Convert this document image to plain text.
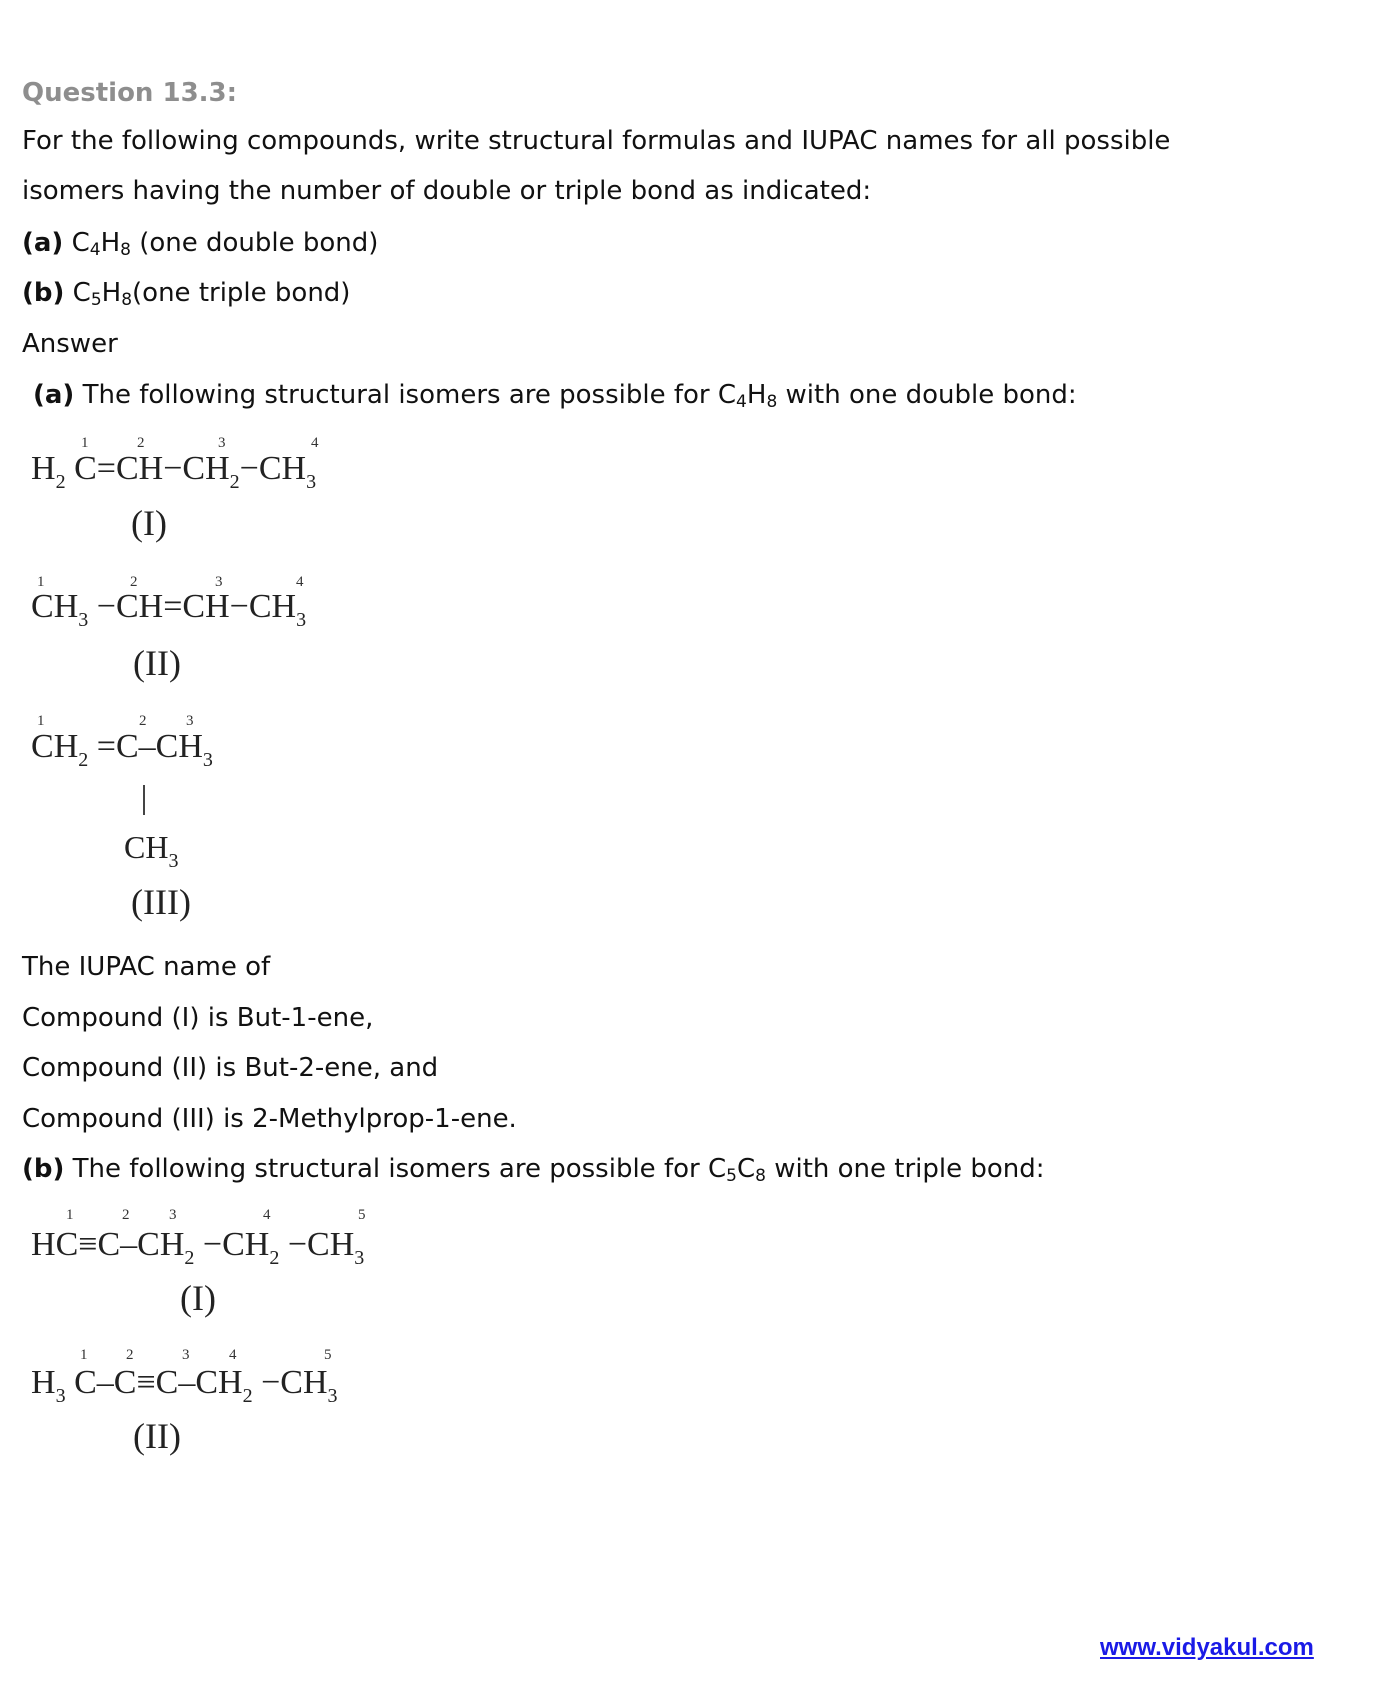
Question 13.3:
For the following compounds, write structural formulas and IUPAC names for all possible
isomers having the number of double or triple bond as indicated:
(a) $C_4H_8$ (one double bond)
(b) $C_5H_8(one$ triple bond)
Answer
(a) The following structural isomers are possible for $C_4H_8$ with one double bond:
1	2	3	4
$H_2$ $C=CH-CH_2-CH_3$
(I)
1	2	3	4
$CH_3 -CH=CH-CH_3$
(II)
1	2	3
$CH_2 =C-CH_3$
$CH_3$
(III)
The IUPAC name of
Compound (I) is But-1-ene,
Compound (II) is But-2-ene, and
Compound (III) is 2-Methylprop-1-ene.
(b) The following structural isomers are possible for $C_5C_8$ with one triple bond:
1	2	3	4	5
$HC\equiv C-CH_2 -CH_2 -CH_3$
(I)
1	2	3	4	5
$H_3$ $C-C\equiv C-CH_2 -CH_3$
(II)
www.vidyakul.com
